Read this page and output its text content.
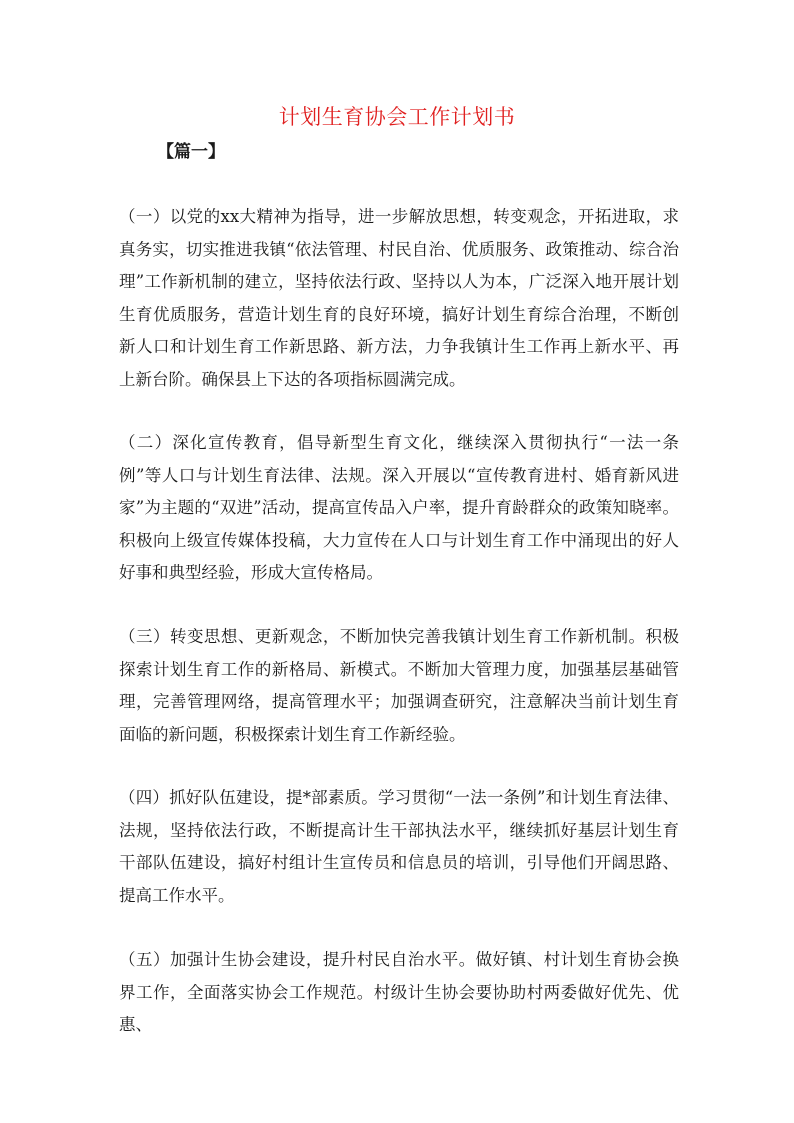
计划生育协会工作计划书
【篇一】

（一）以党的xx大精神为指导，进一步解放思想，转变观念，开拓进取，求真务实，切实推进我镇“依法管理、村民自治、优质服务、政策推动、综合治理”工作新机制的建立，坚持依法行政、坚持以人为本，广泛深入地开展计划生育优质服务，营造计划生育的良好环境，搞好计划生育综合治理，不断创新人口和计划生育工作新思路、新方法，力争我镇计生工作再上新水平、再上新台阶。确保县上下达的各项指标圆满完成。

（二）深化宣传教育，倡导新型生育文化，继续深入贯彻执行“一法一条例”等人口与计划生育法律、法规。深入开展以“宣传教育进村、婚育新风进家”为主题的“双进”活动，提高宣传品入户率，提升育龄群众的政策知晓率。积极向上级宣传媒体投稿，大力宣传在人口与计划生育工作中涌现出的好人好事和典型经验，形成大宣传格局。

（三）转变思想、更新观念，不断加快完善我镇计划生育工作新机制。积极探索计划生育工作的新格局、新模式。不断加大管理力度，加强基层基础管理，完善管理网络，提高管理水平；加强调查研究，注意解决当前计划生育面临的新问题，积极探索计划生育工作新经验。

（四）抓好队伍建设，提*部素质。学习贯彻“一法一条例”和计划生育法律、法规，坚持依法行政，不断提高计生干部执法水平，继续抓好基层计划生育干部队伍建设，搞好村组计生宣传员和信息员的培训，引导他们开阔思路、提高工作水平。

（五）加强计生协会建设，提升村民自治水平。做好镇、村计划生育协会换界工作，全面落实协会工作规范。村级计生协会要协助村两委做好优先、优惠、
